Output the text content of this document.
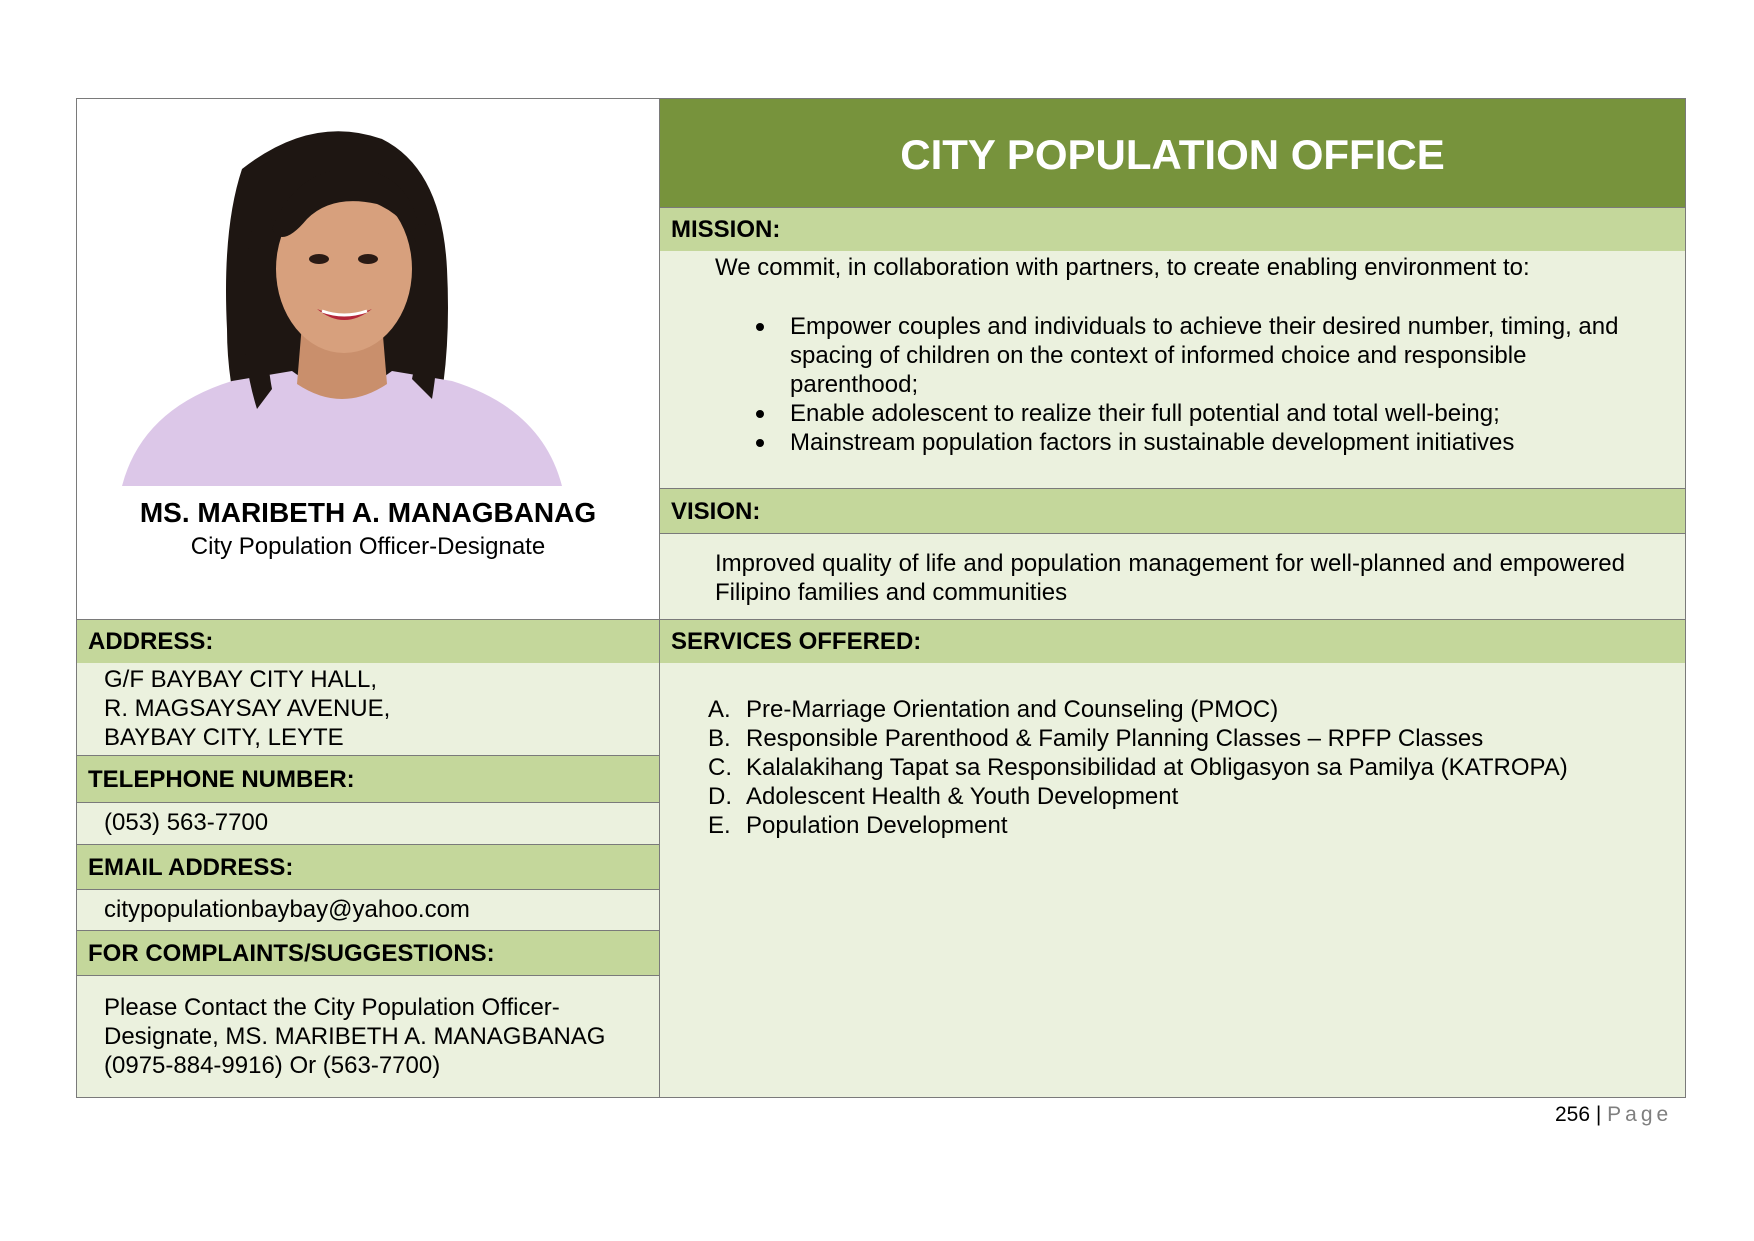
MS. MARIBETH A. MANAGBANAG
City Population Officer-Designate
ADDRESS:
G/F BAYBAY CITY HALL,
R. MAGSAYSAY AVENUE,
BAYBAY CITY, LEYTE
TELEPHONE NUMBER:
(053) 563-7700
EMAIL ADDRESS:
citypopulationbaybay@yahoo.com
FOR COMPLAINTS/SUGGESTIONS:
Please Contact the City Population Officer-
Designate, MS. MARIBETH A. MANAGBANAG
(0975-884-9916) Or (563-7700)
CITY POPULATION OFFICE
MISSION:
We commit, in collaboration with partners, to create enabling environment to:
Empower couples and individuals to achieve their desired number, timing, and spacing of children on the context of informed choice and responsible parenthood;
Enable adolescent to realize their full potential and total well-being;
Mainstream population factors in sustainable development initiatives
VISION:
Improved quality of life and population management for well-planned and empowered Filipino families and communities
SERVICES OFFERED:
A. Pre-Marriage Orientation and Counseling (PMOC)
B. Responsible Parenthood & Family Planning Classes – RPFP Classes
C. Kalalakihang Tapat sa Responsibilidad at Obligasyon sa Pamilya (KATROPA)
D. Adolescent Health & Youth Development
E. Population Development
256 | Page
